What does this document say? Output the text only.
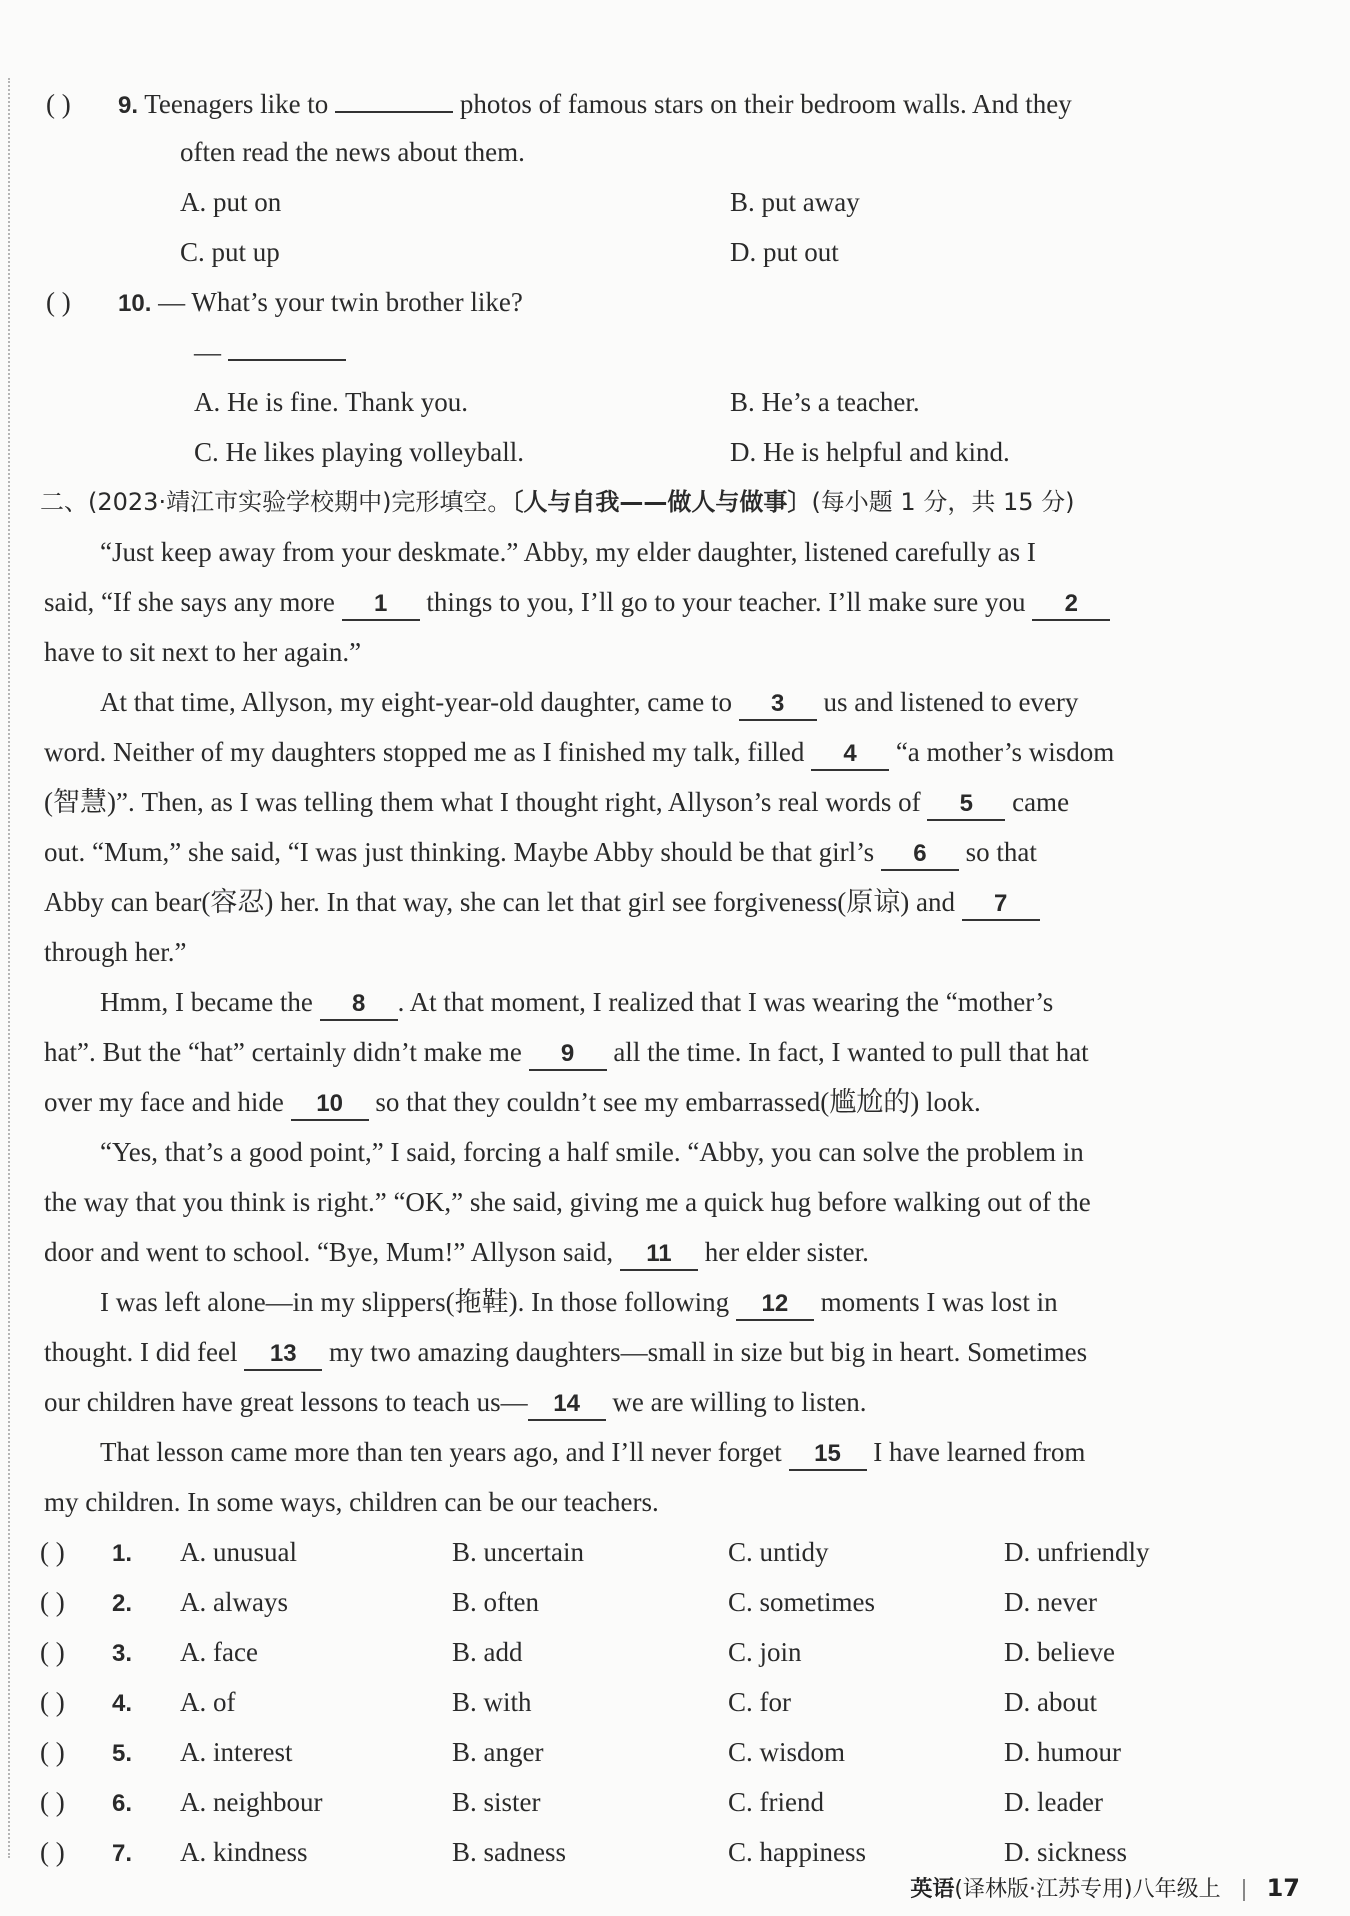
( ) 9. Teenagers like to	photos of famous stars on their bedroom walls. And they
often read the news about them.
A. put on	B. put away
C. put up	D. put out
( ) 10. — What’s your twin brother like?
—
A. He is fine. Thank you.	B. He’s a teacher.
C. He likes playing volleyball.	D. He is helpful and kind.
二、(2023·靖江市实验学校期中)完形填空。〔人与自我——做人与做事〕(每小题 1 分，共 15 分)
“Just keep away from your deskmate.” Abby, my elder daughter, listened carefully as I
said, “If she says any more 1 things to you, I’ll go to your teacher. I’ll make sure you 2
have to sit next to her again.”
At that time, Allyson, my eight-year-old daughter, came to 3 us and listened to every
word. Neither of my daughters stopped me as I finished my talk, filled 4 “a mother’s wisdom
(智慧)”. Then, as I was telling them what I thought right, Allyson’s real words of 5 came
out. “Mum,” she said, “I was just thinking. Maybe Abby should be that girl’s 6 so that
Abby can bear(容忍) her. In that way, she can let that girl see forgiveness(原谅) and 7
through her.”
Hmm, I became the 8 . At that moment, I realized that I was wearing the “mother’s
hat”. But the “hat” certainly didn’t make me 9 all the time. In fact, I wanted to pull that hat
over my face and hide 10 so that they couldn’t see my embarrassed(尴尬的) look.
“Yes, that’s a good point,” I said, forcing a half smile. “Abby, you can solve the problem in
the way that you think is right.” “OK,” she said, giving me a quick hug before walking out of the
door and went to school. “Bye, Mum!” Allyson said, 11 her elder sister.
I was left alone—in my slippers(拖鞋). In those following 12 moments I was lost in
thought. I did feel 13 my two amazing daughters—small in size but big in heart. Sometimes
our children have great lessons to teach us— 14 we are willing to listen.
That lesson came more than ten years ago, and I’ll never forget 15 I have learned from
my children. In some ways, children can be our teachers.
( ) 1. A. unusual	B. uncertain	C. untidy	D. unfriendly
( ) 2. A. always	B. often	C. sometimes	D. never
( ) 3. A. face	B. add	C. join	D. believe
( ) 4. A. of	B. with	C. for	D. about
( ) 5. A. interest	B. anger	C. wisdom	D. humour
( ) 6. A. neighbour	B. sister	C. friend	D. leader
( ) 7. A. kindness	B. sadness	C. happiness	D. sickness
英语(译林版·江苏专用)八年级上 17
